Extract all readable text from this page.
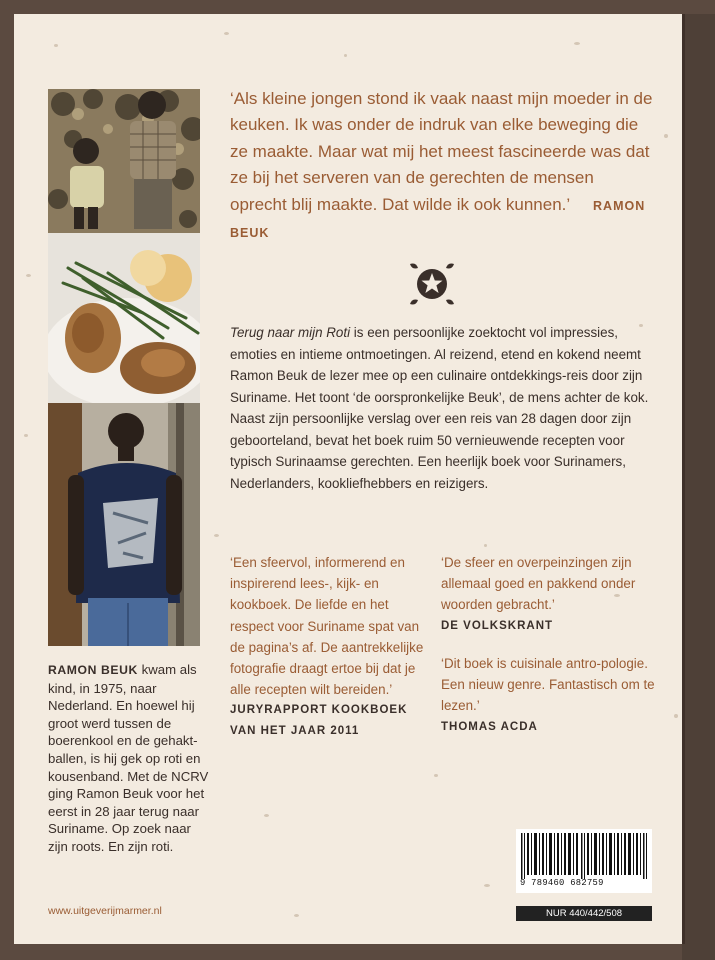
‘Als kleine jongen stond ik vaak naast mijn moeder in de keuken. Ik was onder de indruk van elke beweging die ze maakte. Maar wat mij het meest fascineerde was dat ze bij het serveren van de gerechten de mensen oprecht blij maakte. Dat wilde ik ook kunnen.’ RAMON BEUK

Terug naar mijn Roti is een persoonlijke zoektocht vol impressies, emoties en intieme ontmoetingen. Al reizend, etend en kokend neemt Ramon Beuk de lezer mee op een culinaire ontdekkings-reis door zijn Suriname. Het toont ‘de oorspronkelijke Beuk’, de mens achter de kok.

Naast zijn persoonlijke verslag over een reis van 28 dagen door zijn geboorteland, bevat het boek ruim 50 vernieuwende recepten voor typisch Surinaamse gerechten. Een heerlijk boek voor Surinamers, Nederlanders, kookliefhebbers en reizigers.

‘Een sfeervol, informerend en inspirerend lees-, kijk- en kookboek. De liefde en het respect voor Suriname spat van de pagina’s af. De aantrekkelijke fotografie draagt ertoe bij dat je alle recepten wilt bereiden.’
JURYRAPPORT KOOKBOEK VAN HET JAAR 2011
‘De sfeer en overpeinzingen zijn allemaal goed en pakkend onder woorden gebracht.’
DE VOLKSKRANT
‘Dit boek is cuisinale antro-pologie. Een nieuw genre. Fantastisch om te lezen.’
THOMAS ACDA
RAMON BEUK kwam als kind, in 1975, naar Nederland. En hoewel hij groot werd tussen de boerenkool en de gehakt-ballen, is hij gek op roti en kousenband. Met de NCRV ging Ramon Beuk voor het eerst in 28 jaar terug naar Suriname. Op zoek naar zijn roots. En zijn roti.
www.uitgeverijmarmer.nl
9 789460 682759
NUR 440/442/508
